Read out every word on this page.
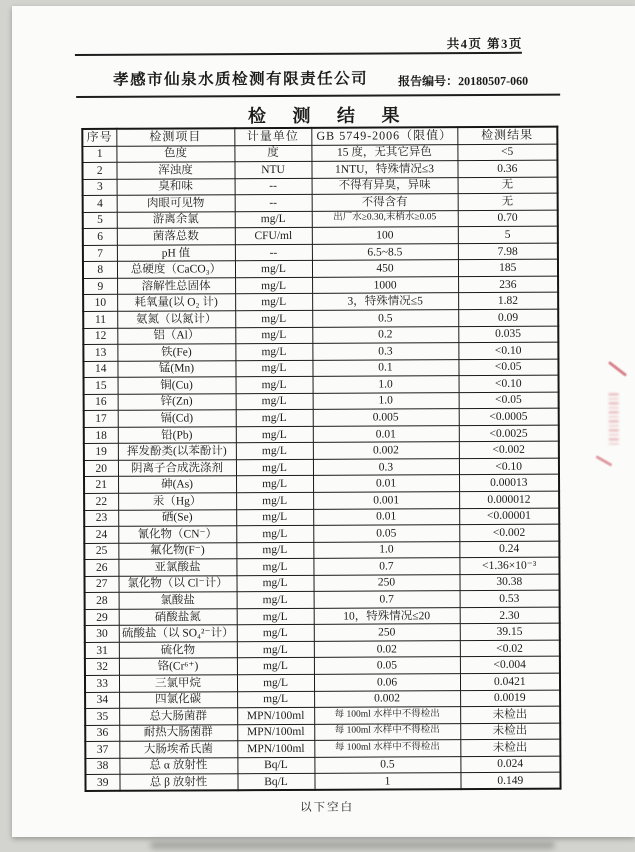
共4页 第3页
孝感市仙泉水质检测有限责任公司 报告编号：20180507-060
检 测 结 果
序号	检测项目	计量单位	GB 5749-2006（限值）	检测结果
1	色度	度	15 度，无其它异色	<5
2	浑浊度	NTU	1NTU，特殊情况≤3	0.36
3	臭和味	--	不得有异臭，异味	无
4	肉眼可见物	--	不得含有	无
5	游离余氯	mg/L	出厂水≥0.30,末梢水≥0.05	0.70
6	菌落总数	CFU/ml	100	5
7	pH 值	--	6.5~8.5	7.98
8	总硬度（CaCO₃）	mg/L	450	185
9	溶解性总固体	mg/L	1000	236
10	耗氧量(以 O₂ 计)	mg/L	3，特殊情况≤5	1.82
11	氨氮（以氮计）	mg/L	0.5	0.09
12	铝（Al）	mg/L	0.2	0.035
13	铁(Fe)	mg/L	0.3	<0.10
14	锰(Mn)	mg/L	0.1	<0.05
15	铜(Cu)	mg/L	1.0	<0.10
16	锌(Zn)	mg/L	1.0	<0.05
17	镉(Cd)	mg/L	0.005	<0.0005
18	铅(Pb)	mg/L	0.01	<0.0025
19	挥发酚类(以苯酚计)	mg/L	0.002	<0.002
20	阴离子合成洗涤剂	mg/L	0.3	<0.10
21	砷(As)	mg/L	0.01	0.00013
22	汞（Hg）	mg/L	0.001	0.000012
23	硒(Se)	mg/L	0.01	<0.00001
24	氰化物（CN⁻）	mg/L	0.05	<0.002
25	氟化物(F⁻)	mg/L	1.0	0.24
26	亚氯酸盐	mg/L	0.7	<1.36×10⁻³
27	氯化物（以 Cl⁻计）	mg/L	250	30.38
28	氯酸盐	mg/L	0.7	0.53
29	硝酸盐氮	mg/L	10，特殊情况≤20	2.30
30	硫酸盐（以 SO₄²⁻计）	mg/L	250	39.15
31	硫化物	mg/L	0.02	<0.02
32	铬(Cr⁶⁺)	mg/L	0.05	<0.004
33	三氯甲烷	mg/L	0.06	0.0421
34	四氯化碳	mg/L	0.002	0.0019
35	总大肠菌群	MPN/100ml	每 100ml 水样中不得检出	未检出
36	耐热大肠菌群	MPN/100ml	每 100ml 水样中不得检出	未检出
37	大肠埃希氏菌	MPN/100ml	每 100ml 水样中不得检出	未检出
38	总 α 放射性	Bq/L	0.5	0.024
39	总 β 放射性	Bq/L	1	0.149
以下空白
